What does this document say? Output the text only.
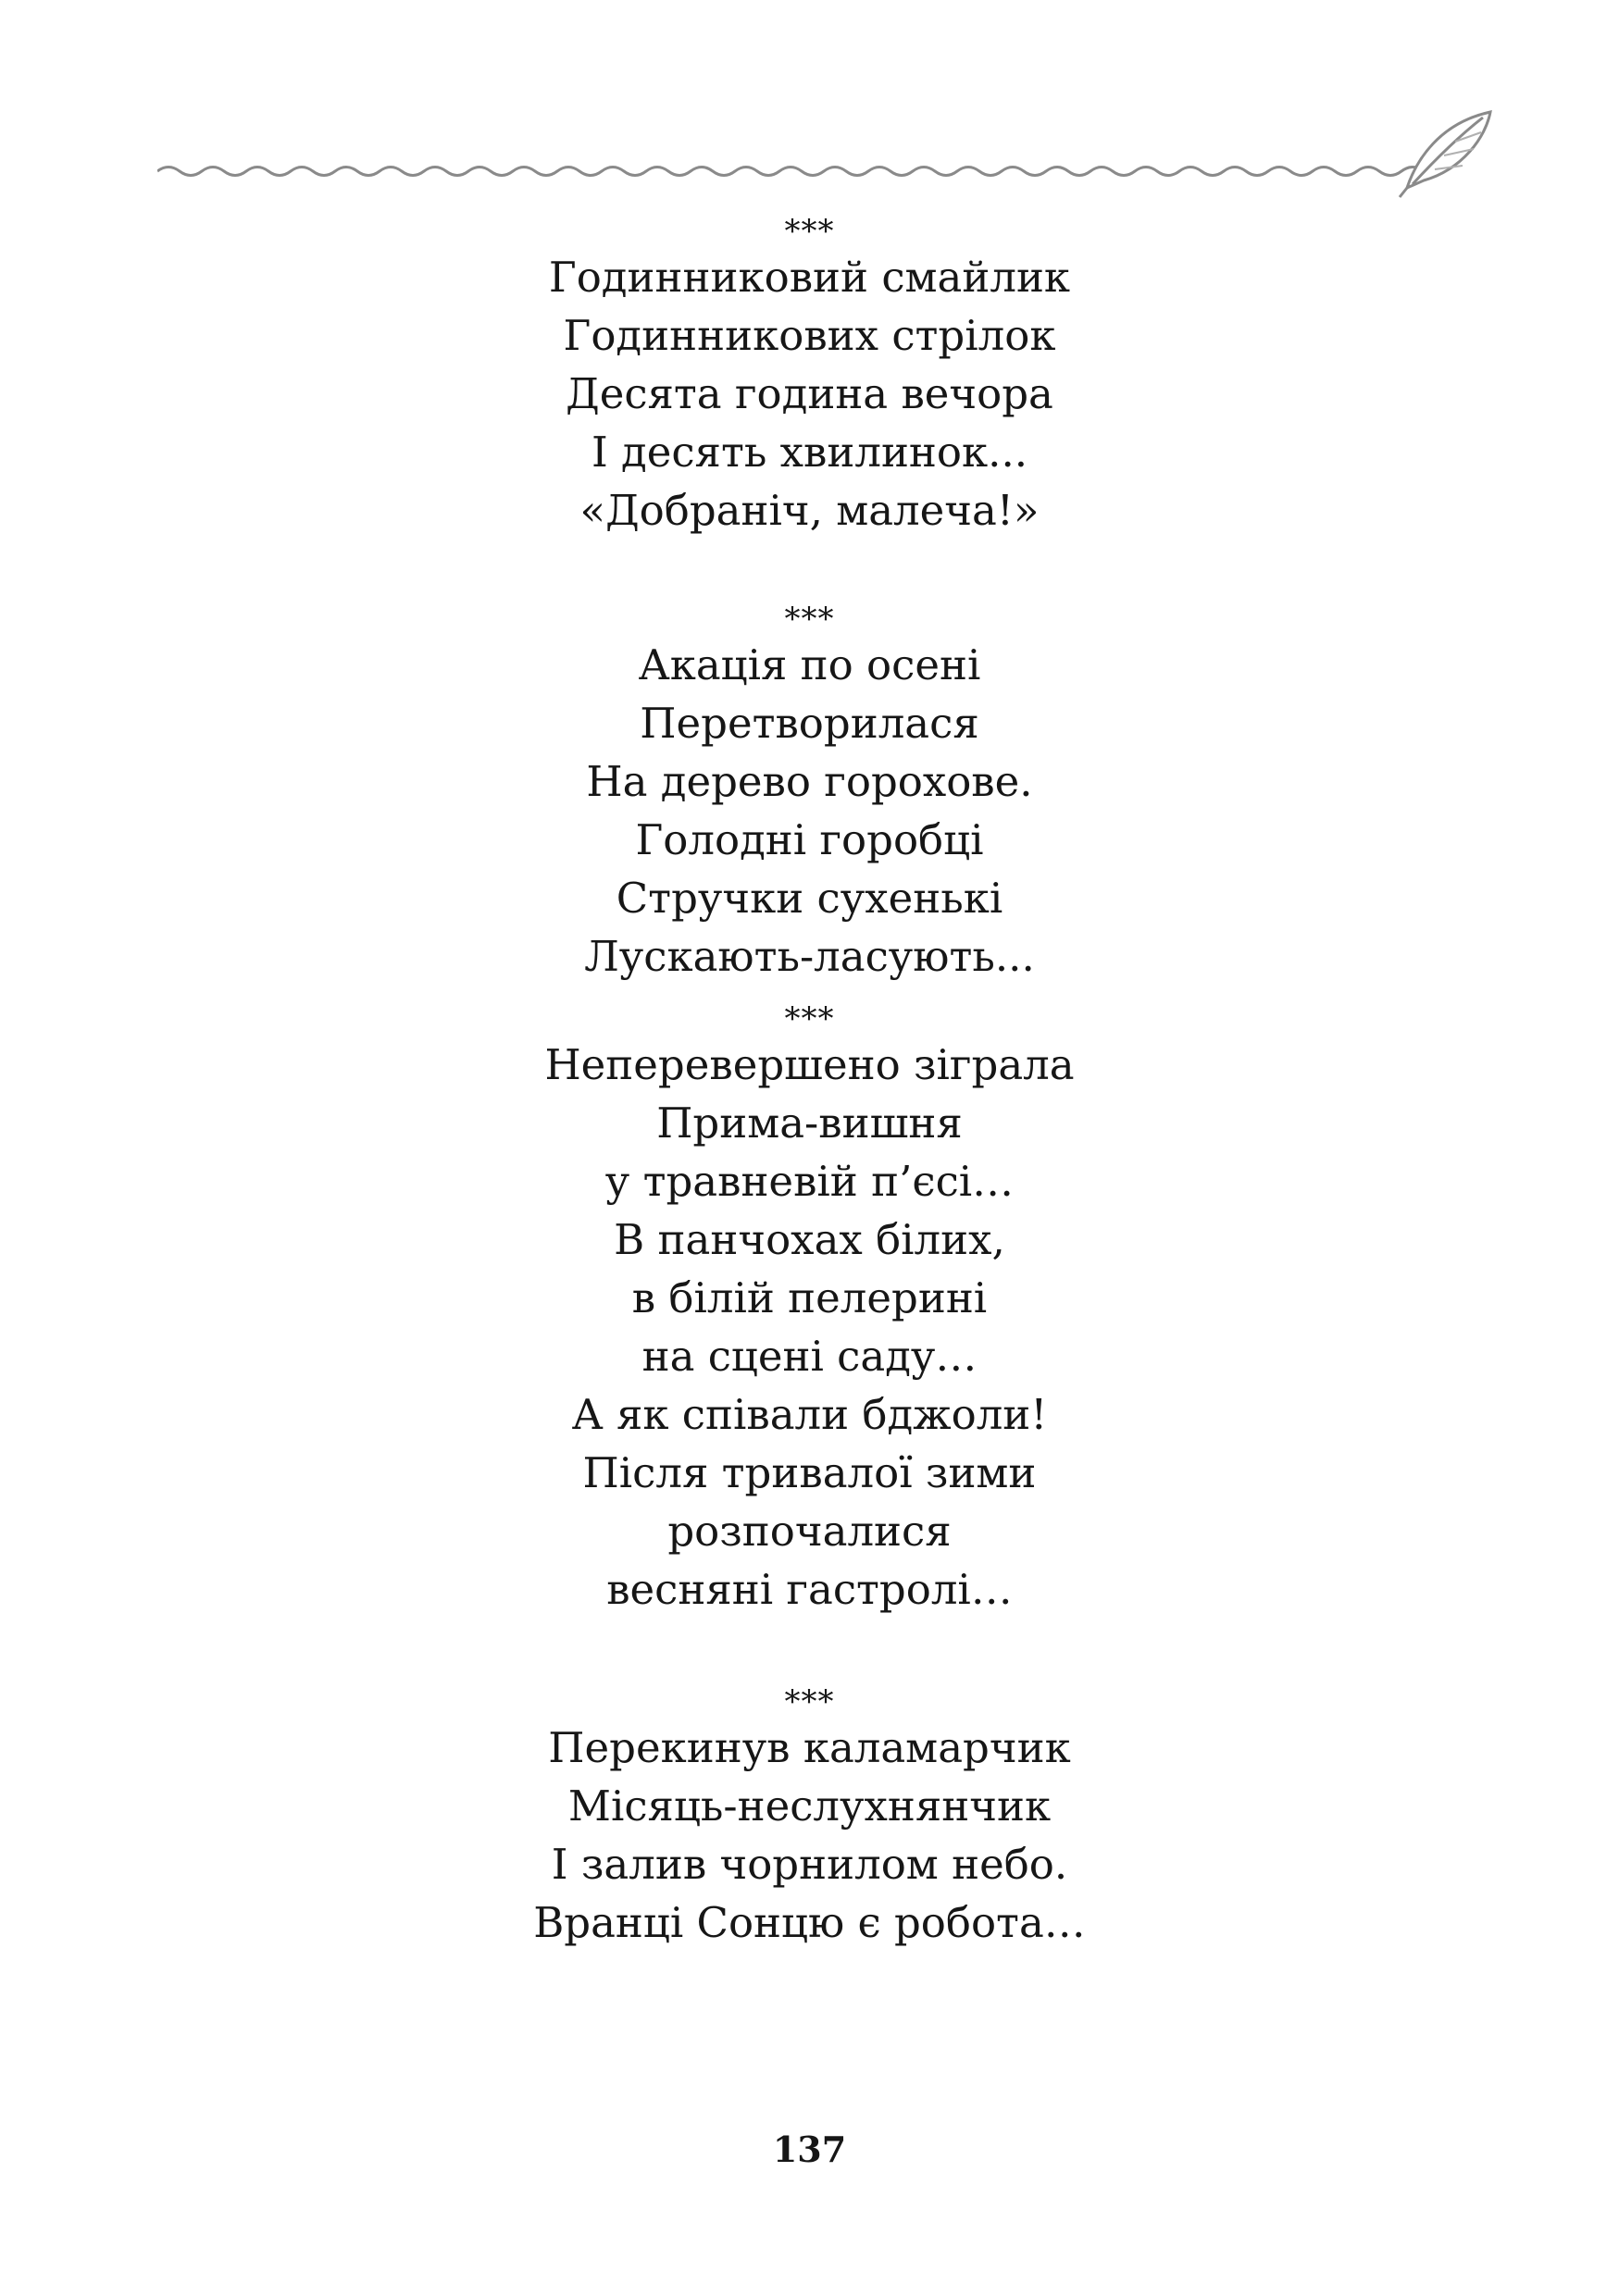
***
Годинниковий смайлик
Годинникових стрілок
Десята година вечора
І десять хвилинок...
«Добраніч, малеча!»
***
Акація по осені
Перетворилася
На дерево горохове.
Голодні горобці
Стручки сухенькі
Лускають-ласують...
***
Неперевершено зіграла
Прима-вишня
у травневій п’єсі…
В панчохах білих,
в білій пелерині
на сцені саду…
А як співали бджоли!
Після тривалої зими
розпочалися
весняні гастролі…
***
Перекинув каламарчик
Місяць-неслухнянчик
І залив чорнилом небо.
Вранці Сонцю є робота…
137
